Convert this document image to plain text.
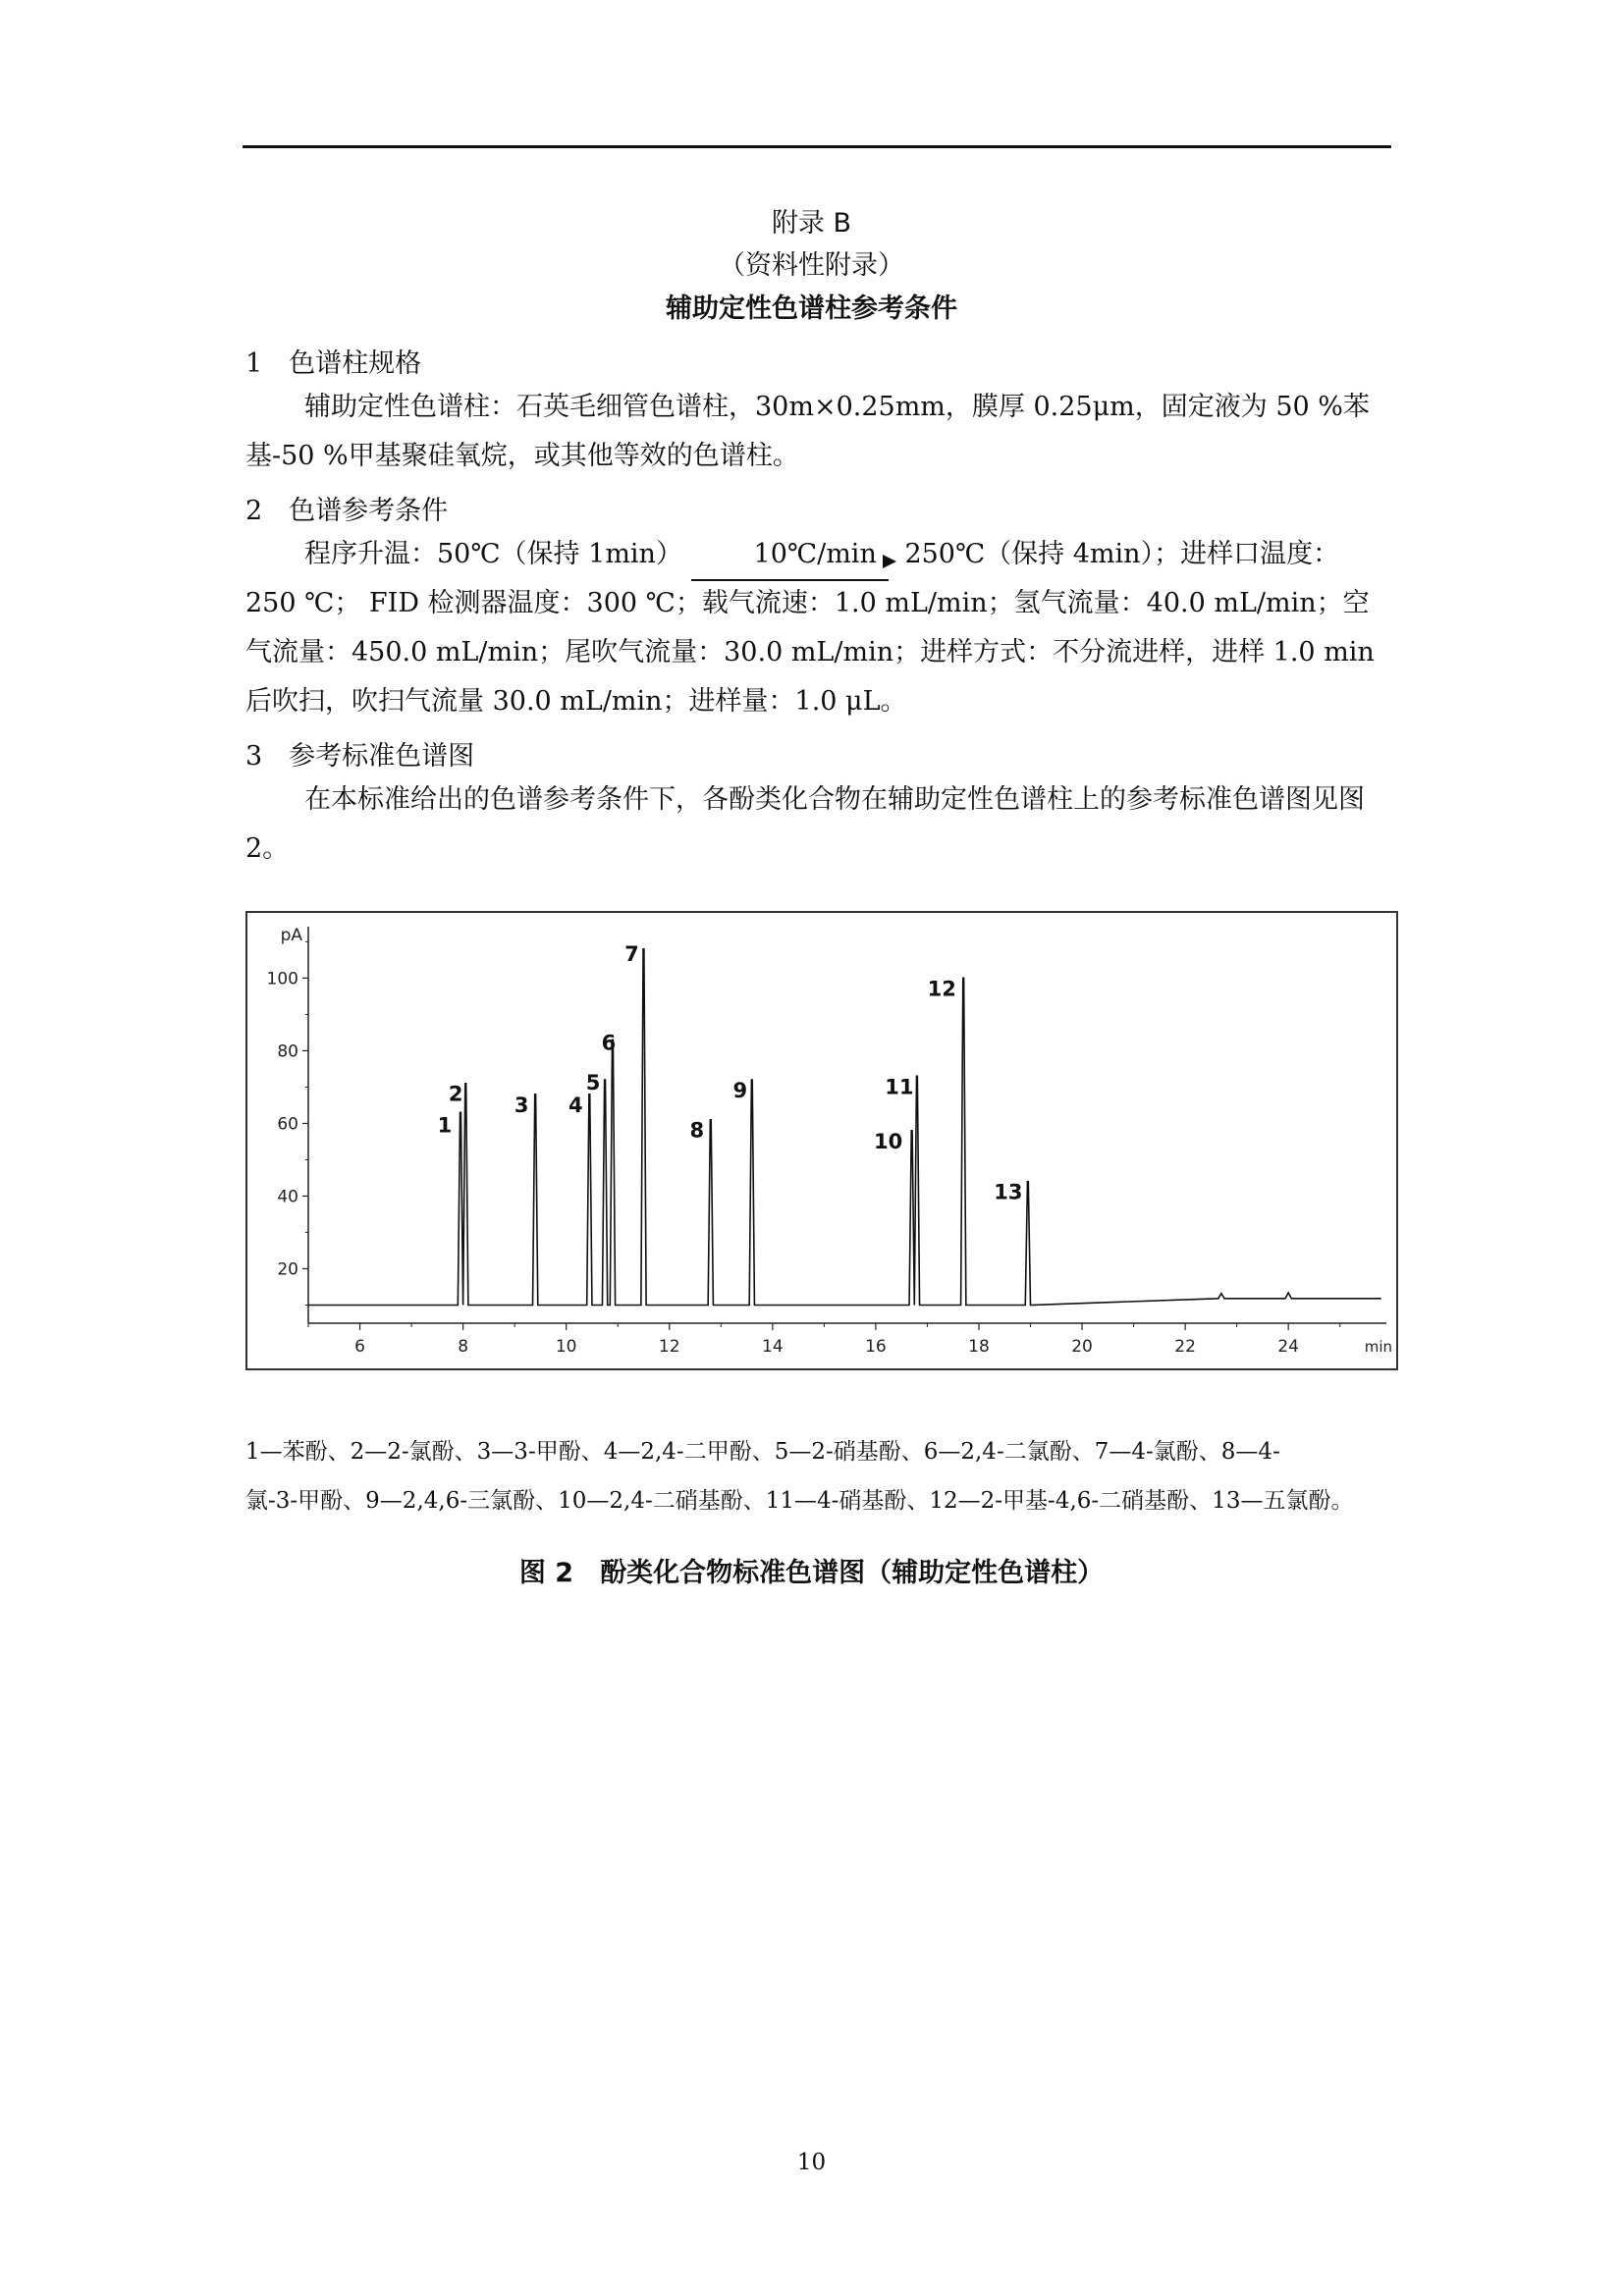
附录 B
（资料性附录）
辅助定性色谱柱参考条件
1　色谱柱规格
辅助定性色谱柱：石英毛细管色谱柱，30m×0.25mm，膜厚 0.25μm，固定液为 50 %苯基-50 %甲基聚硅氧烷，或其他等效的色谱柱。
2　色谱参考条件
程序升温：50℃（保持 1min）	10℃/min 250℃（保持 4min）；进样口温度：250 ℃； FID 检测器温度：300 ℃；载气流速：1.0 mL/min；氢气流量：40.0 mL/min；空气流量：450.0 mL/min；尾吹气流量：30.0 mL/min；进样方式：不分流进样，进样 1.0 min 后吹扫，吹扫气流量 30.0 mL/min；进样量：1.0 μL。
3　参考标准色谱图
在本标准给出的色谱参考条件下，各酚类化合物在辅助定性色谱柱上的参考标准色谱图见图 2。
20
40
60
80
100
pA
6	8	10	12	14	16	18	20	22	24	min
1
2 3 4
5
6
7
8
9
10
11
12
13
1—苯酚、2—2-氯酚、3—3-甲酚、4—2,4-二甲酚、5—2-硝基酚、6—2,4-二氯酚、7—4-氯酚、8—4-
氯-3-甲酚、9—2,4,6-三氯酚、10—2,4-二硝基酚、11—4-硝基酚、12—2-甲基-4,6-二硝基酚、13—五氯酚。
图 2　酚类化合物标准色谱图（辅助定性色谱柱）
10
